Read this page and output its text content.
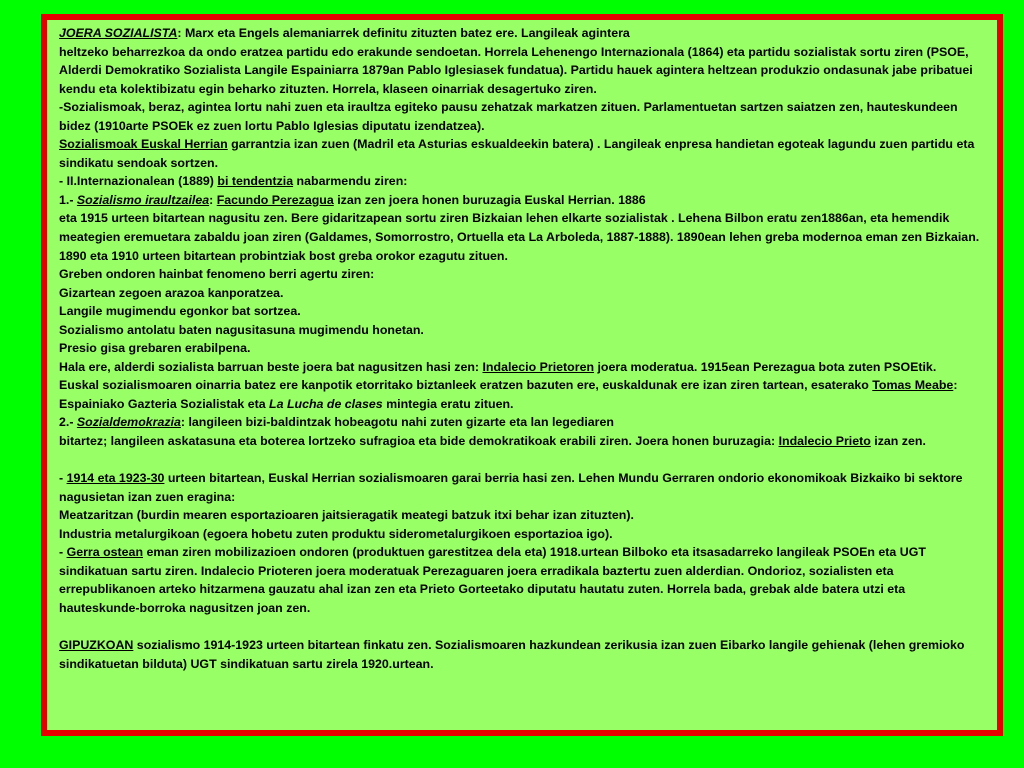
JOERA SOZIALISTA: Marx eta Engels alemaniarrek definitu zituzten batez ere. Langileak agintera

heltzeko beharrezkoa da ondo eratzea partidu edo erakunde sendoetan. Horrela Lehenengo Internazionala (1864) eta partidu sozialistak sortu ziren (PSOE, Alderdi Demokratiko Sozialista Langile Espainiarra 1879an Pablo Iglesiasek fundatua). Partidu hauek agintera heltzean produkzio ondasunak jabe pribatuei kendu eta kolektibizatu egin beharko zituzten. Horrela, klaseen oinarriak desagertuko ziren.

-Sozialismoak, beraz, agintea lortu nahi zuen eta iraultza egiteko pausu zehatzak markatzen zituen. Parlamentuetan sartzen saiatzen zen, hauteskundeen bidez (1910arte PSOEk ez zuen lortu Pablo Iglesias diputatu izendatzea).

Sozialismoak Euskal Herrian garrantzia izan zuen (Madril eta Asturias eskualdeekin batera) . Langileak enpresa handietan egoteak lagundu zuen partidu eta sindikatu sendoak sortzen.

- II.Internazionalean (1889) bi tendentzia nabarmendu ziren:

1.- Sozialismo iraultzailea: Facundo Perezagua izan zen joera honen buruzagia Euskal Herrian. 1886

eta 1915 urteen bitartean nagusitu zen. Bere gidaritzapean sortu ziren Bizkaian lehen elkarte sozialistak . Lehena Bilbon eratu zen1886an, eta hemendik meategien eremuetara zabaldu joan ziren (Galdames, Somorrostro, Ortuella eta La Arboleda, 1887-1888). 1890ean lehen greba modernoa eman zen Bizkaian. 1890 eta 1910 urteen bitartean probintziak bost greba orokor ezagutu zituen.

Greben ondoren hainbat fenomeno berri agertu ziren:

Gizartean zegoen arazoa kanporatzea.

Langile mugimendu egonkor bat sortzea.

Sozialismo antolatu baten nagusitasuna mugimendu honetan.

Presio gisa grebaren erabilpena.

Hala ere, alderdi sozialista barruan beste joera bat nagusitzen hasi zen: Indalecio Prietoren joera moderatua. 1915ean Perezagua bota zuten PSOEtik.

Euskal sozialismoaren oinarria batez ere kanpotik etorritako biztanleek eratzen bazuten ere, euskaldunak ere izan ziren tartean, esaterako Tomas Meabe: Espainiako Gazteria Sozialistak eta La Lucha de clases mintegia eratu zituen.

2.- Sozialdemokrazia: langileen bizi-baldintzak hobeagotu nahi zuten gizarte eta lan legediaren

bitartez; langileen askatasuna eta boterea lortzeko sufragioa eta bide demokratikoak erabili ziren. Joera honen buruzagia: Indalecio Prieto izan zen.

- 1914 eta 1923-30 urteen bitartean, Euskal Herrian sozialismoaren garai berria hasi zen. Lehen Mundu Gerraren ondorio ekonomikoak Bizkaiko bi sektore nagusietan izan zuen eragina:

Meatzaritzan (burdin mearen esportazioaren jaitsieragatik meategi batzuk itxi behar izan zituzten).

Industria metalurgikoan (egoera hobetu zuten produktu siderometalurgikoen esportazioa igo).

- Gerra ostean eman ziren mobilizazioen ondoren (produktuen garestitzea dela eta) 1918.urtean Bilboko eta itsasadarreko langileak PSOEn eta UGT sindikatuan sartu ziren. Indalecio Prioteren joera moderatuak Perezaguaren joera erradikala baztertu zuen alderdian. Ondorioz, sozialisten eta errepublikanoen arteko hitzarmena gauzatu ahal izan zen eta Prieto Gorteetako diputatu hautatu zuten. Horrela bada, grebak alde batera utzi eta hauteskunde-borroka nagusitzen joan zen.

GIPUZKOAN sozialismo 1914-1923 urteen bitartean finkatu zen. Sozialismoaren hazkundean zerikusia izan zuen Eibarko langile gehienak (lehen gremioko sindikatuetan bilduta) UGT sindikatuan sartu zirela 1920.urtean.
